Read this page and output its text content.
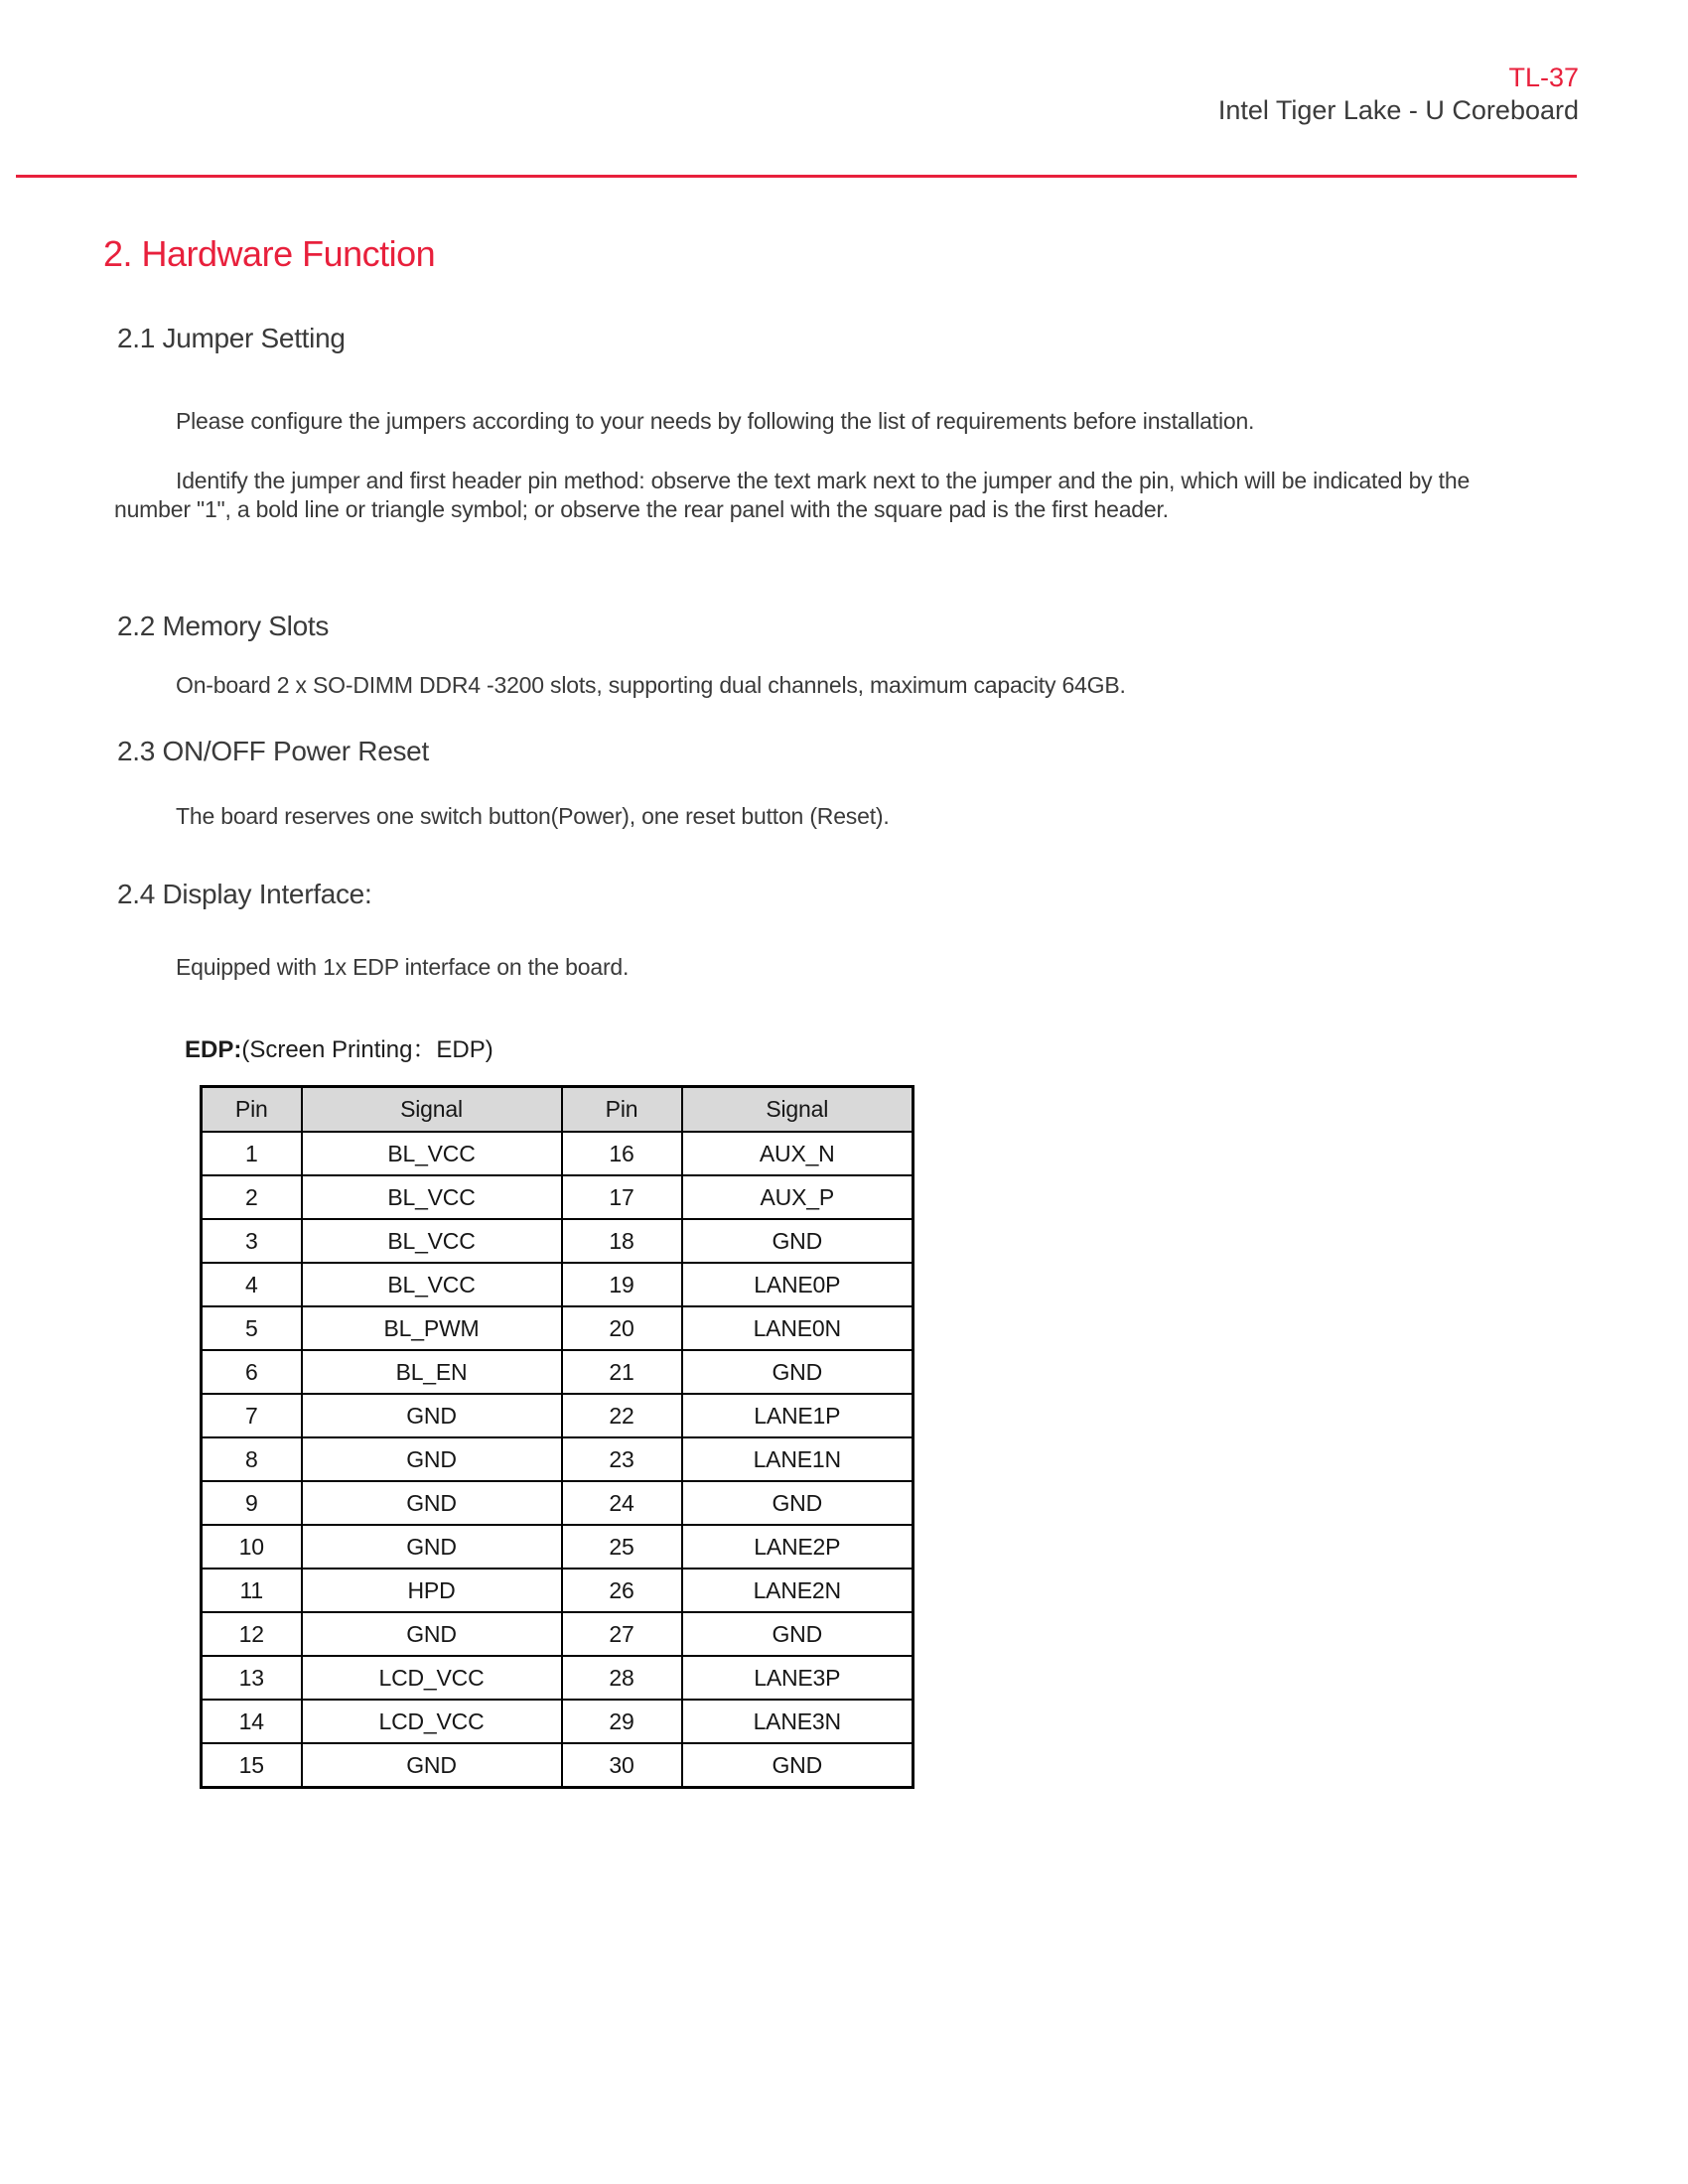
TL-37
Intel Tiger Lake - U Coreboard
2. Hardware Function
2.1 Jumper Setting

Please configure the jumpers according to your needs by following the list of requirements before installation.

Identify the jumper and first header pin method: observe the text mark next to the jumper and the pin, which will be indicated by the number "1", a bold line or triangle symbol; or observe the rear panel with the square pad is the first header.

2.2 Memory Slots

On-board 2 x SO-DIMM DDR4 -3200 slots, supporting dual channels, maximum capacity 64GB.

2.3 ON/OFF Power Reset

The board reserves one switch button(Power), one reset button (Reset).

2.4 Display Interface:

Equipped with 1x EDP interface on the board.

EDP:(Screen Printing：EDP)
Pin	Signal	Pin	Signal
1	BL_VCC	16	AUX_N
2	BL_VCC	17	AUX_P
3	BL_VCC	18	GND
4	BL_VCC	19	LANE0P
5	BL_PWM	20	LANE0N
6	BL_EN	21	GND
7	GND	22	LANE1P
8	GND	23	LANE1N
9	GND	24	GND
10	GND	25	LANE2P
11	HPD	26	LANE2N
12	GND	27	GND
13	LCD_VCC	28	LANE3P
14	LCD_VCC	29	LANE3N
15	GND	30	GND
